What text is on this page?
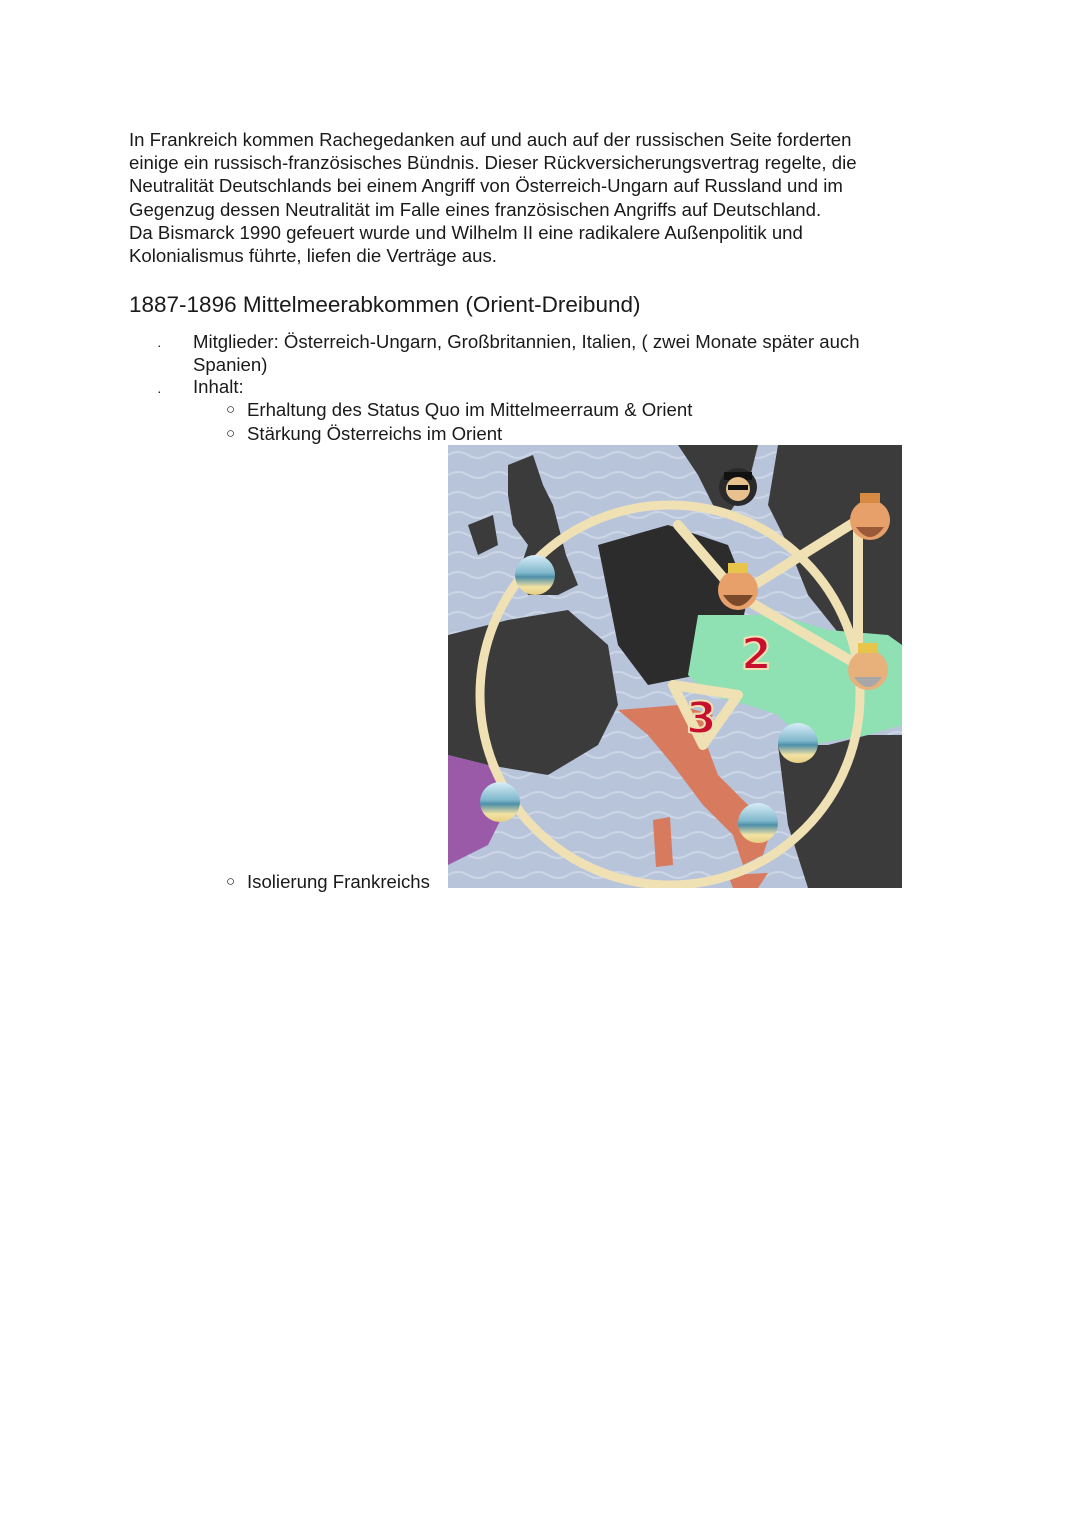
In Frankreich kommen Rachegedanken auf und auch auf der russischen Seite forderten
einige ein russisch-französisches Bündnis. Dieser Rückversicherungsvertrag regelte, die
Neutralität Deutschlands bei einem Angriff von Österreich-Ungarn auf Russland und im
Gegenzug dessen Neutralität im Falle eines französischen Angriffs auf Deutschland.
Da Bismarck 1990 gefeuert wurde und Wilhelm II eine radikalere Außenpolitik und
Kolonialismus führte, liefen die Verträge aus.
1887-1896 Mittelmeerabkommen (Orient-Dreibund)
· Mitglieder: Österreich-Ungarn, Großbritannien, Italien, ( zwei Monate später auch
Spanien)
· Inhalt:
○ Erhaltung des Status Quo im Mittelmeerraum & Orient
○ Stärkung Österreichs im Orient
○ Isolierung Frankreichs
2
3
